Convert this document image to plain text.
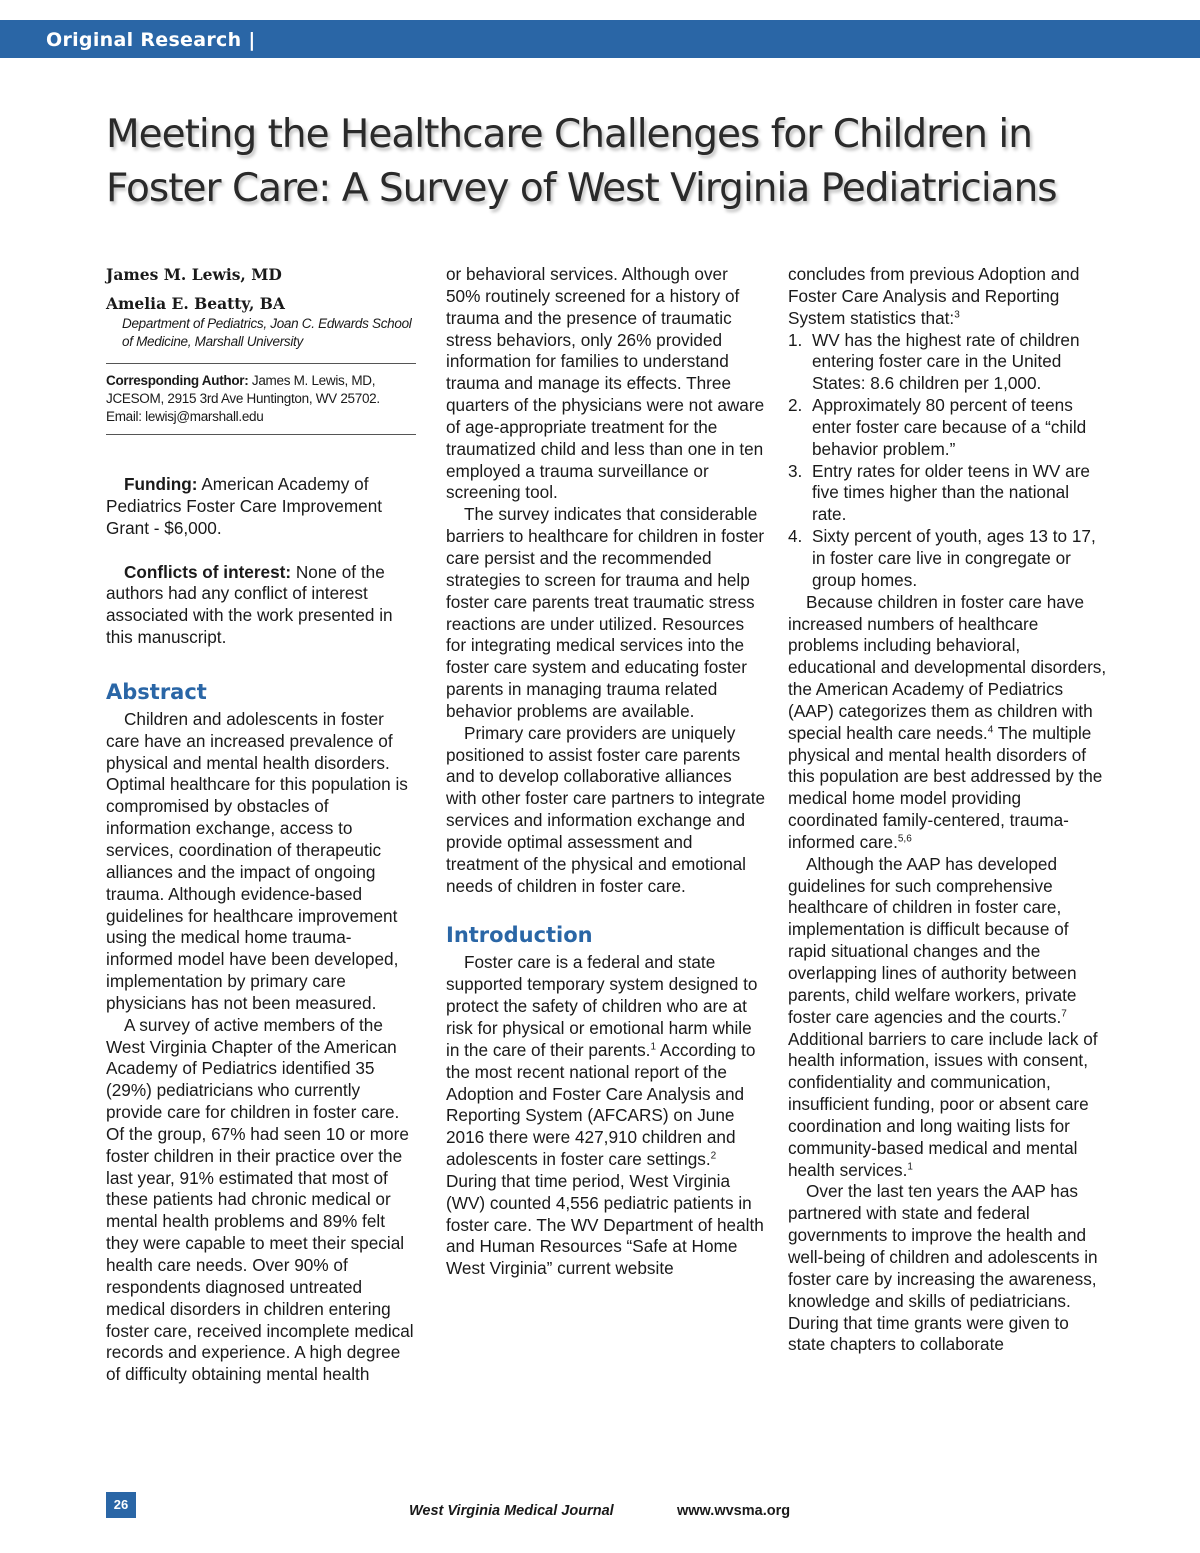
Original Research |
Meeting the Healthcare Challenges for Children in Foster Care: A Survey of West Virginia Pediatricians

James M. Lewis, MD

Amelia E. Beatty, BA

Department of Pediatrics, Joan C. Edwards School of Medicine, Marshall University

Corresponding Author: James M. Lewis, MD, JCESOM, 2915 3rd Ave Huntington, WV 25702. Email: lewisj@marshall.edu

Funding: American Academy of Pediatrics Foster Care Improvement Grant - $6,000.

Conflicts of interest: None of the authors had any conflict of interest associated with the work presented in this manuscript.

Abstract

Children and adolescents in foster care have an increased prevalence of physical and mental health disorders. Optimal healthcare for this population is compromised by obstacles of information exchange, access to services, coordination of therapeutic alliances and the impact of ongoing trauma. Although evidence-based guidelines for healthcare improvement using the medical home trauma-informed model have been developed, implementation by primary care physicians has not been measured.

A survey of active members of the West Virginia Chapter of the American Academy of Pediatrics identified 35 (29%) pediatricians who currently provide care for children in foster care. Of the group, 67% had seen 10 or more foster children in their practice over the last year, 91% estimated that most of these patients had chronic medical or mental health problems and 89% felt they were capable to meet their special health care needs. Over 90% of respondents diagnosed untreated medical disorders in children entering foster care, received incomplete medical records and experience. A high degree of difficulty obtaining mental health

or behavioral services. Although over 50% routinely screened for a history of trauma and the presence of traumatic stress behaviors, only 26% provided information for families to understand trauma and manage its effects. Three quarters of the physicians were not aware of age-appropriate treatment for the traumatized child and less than one in ten employed a trauma surveillance or screening tool.

The survey indicates that considerable barriers to healthcare for children in foster care persist and the recommended strategies to screen for trauma and help foster care parents treat traumatic stress reactions are under utilized. Resources for integrating medical services into the foster care system and educating foster parents in managing trauma related behavior problems are available.

Primary care providers are uniquely positioned to assist foster care parents and to develop collaborative alliances with other foster care partners to integrate services and information exchange and provide optimal assessment and treatment of the physical and emotional needs of children in foster care.

Introduction

Foster care is a federal and state supported temporary system designed to protect the safety of children who are at risk for physical or emotional harm while in the care of their parents.$^1$ According to the most recent national report of the Adoption and Foster Care Analysis and Reporting System (AFCARS) on June 2016 there were 427,910 children and adolescents in foster care settings.$^2$ During that time period, West Virginia (WV) counted 4,556 pediatric patients in foster care. The WV Department of health and Human Resources “Safe at Home West Virginia” current website

concludes from previous Adoption and Foster Care Analysis and Reporting System statistics that:$^3$

1. WV has the highest rate of children entering foster care in the United States: 8.6 children per 1,000.
2. Approximately 80 percent of teens enter foster care because of a “child behavior problem.”
3. Entry rates for older teens in WV are five times higher than the national rate.
4. Sixty percent of youth, ages 13 to 17, in foster care live in congregate or group homes.

Because children in foster care have increased numbers of healthcare problems including behavioral, educational and developmental disorders, the American Academy of Pediatrics (AAP) categorizes them as children with special health care needs.$^4$ The multiple physical and mental health disorders of this population are best addressed by the medical home model providing coordinated family-centered, trauma-informed care.$^{5,6}$

Although the AAP has developed guidelines for such comprehensive healthcare of children in foster care, implementation is difficult because of rapid situational changes and the overlapping lines of authority between parents, child welfare workers, private foster care agencies and the courts.$^7$ Additional barriers to care include lack of health information, issues with consent, confidentiality and communication, insufficient funding, poor or absent care coordination and long waiting lists for community-based medical and mental health services.$^1$

Over the last ten years the AAP has partnered with state and federal governments to improve the health and well-being of children and adolescents in foster care by increasing the awareness, knowledge and skills of pediatricians. During that time grants were given to state chapters to collaborate

26	West Virginia Medical Journal	www.wvsma.org
